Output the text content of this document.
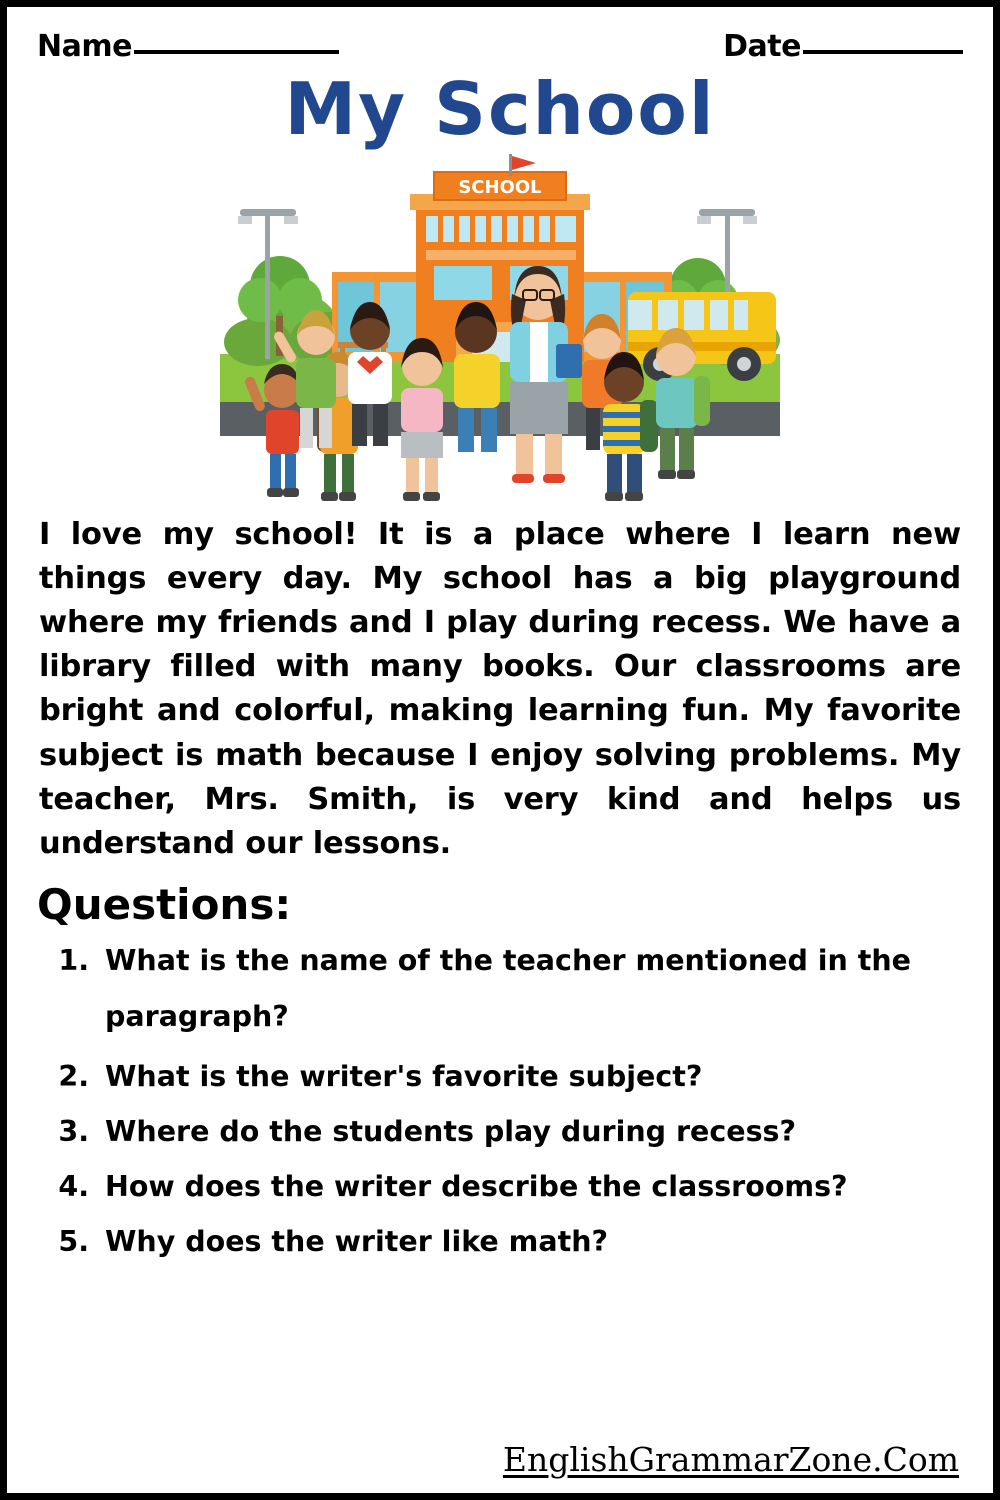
Name	Date
My School
SCHOOL

I love my school! It is a place where I learn new things every day. My school has a big playground where my friends and I play during recess. We have a library filled with many books. Our classrooms are bright and colorful, making learning fun. My favorite subject is math because I enjoy solving problems. My teacher, Mrs. Smith, is very kind and helps us understand our lessons.

Questions:
1. What is the name of the teacher mentioned in the paragraph?
2. What is the writer's favorite subject?
3. Where do the students play during recess?
4. How does the writer describe the classrooms?
5. Why does the writer like math?
EnglishGrammarZone.Com
